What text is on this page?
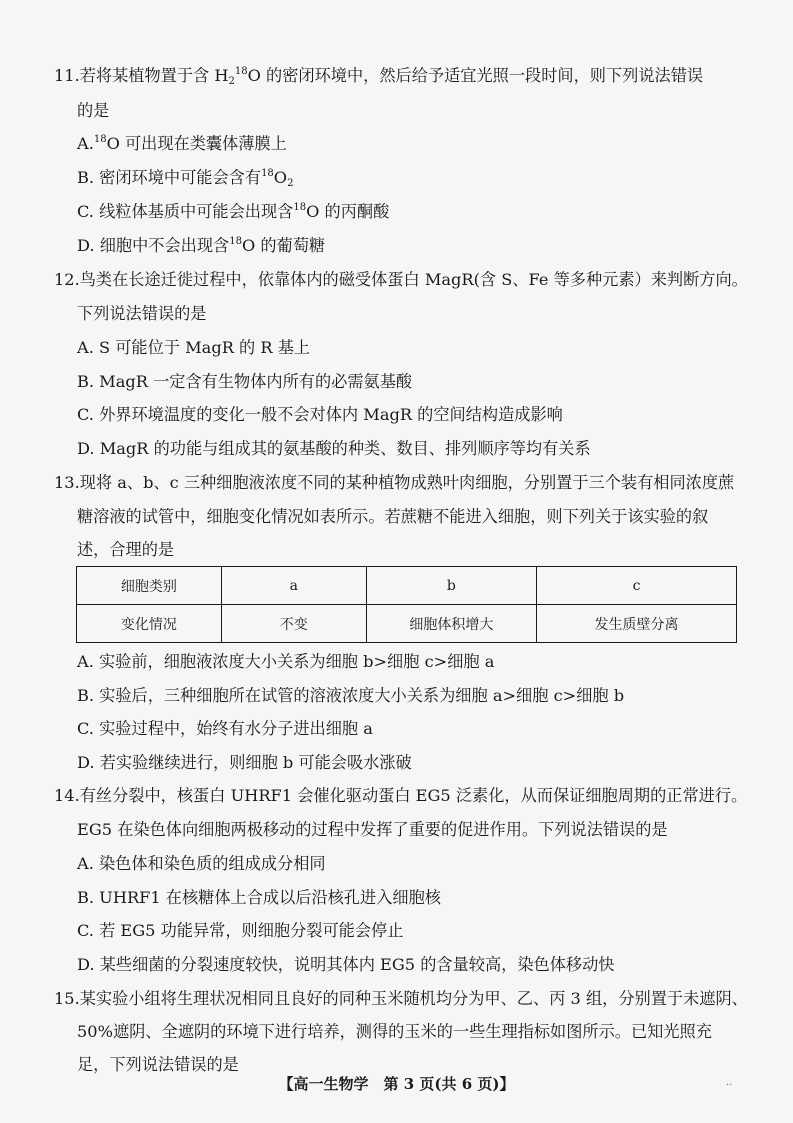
11.若将某植物置于含 $H_2^{18}O$ 的密闭环境中，然后给予适宜光照一段时间，则下列说法错误
的是
A.$^{18}$O 可出现在类囊体薄膜上
B. 密闭环境中可能会含有$^{18}O_2$
C. 线粒体基质中可能会出现含$^{18}$O 的丙酮酸
D. 细胞中不会出现含$^{18}$O 的葡萄糖
12.鸟类在长途迁徙过程中，依靠体内的磁受体蛋白 MagR(含 S、Fe 等多种元素）来判断方向。
下列说法错误的是
A. S 可能位于 MagR 的 R 基上
B. MagR 一定含有生物体内所有的必需氨基酸
C. 外界环境温度的变化一般不会对体内 MagR 的空间结构造成影响
D. MagR 的功能与组成其的氨基酸的种类、数目、排列顺序等均有关系
13.现将 a、b、c 三种细胞液浓度不同的某种植物成熟叶肉细胞，分别置于三个装有相同浓度蔗
糖溶液的试管中，细胞变化情况如表所示。若蔗糖不能进入细胞，则下列关于该实验的叙
述，合理的是
细胞类别	a	b	c
变化情况	不变	细胞体积增大	发生质壁分离
A. 实验前，细胞液浓度大小关系为细胞 b>细胞 c>细胞 a
B. 实验后，三种细胞所在试管的溶液浓度大小关系为细胞 a>细胞 c>细胞 b
C. 实验过程中，始终有水分子进出细胞 a
D. 若实验继续进行，则细胞 b 可能会吸水涨破
14.有丝分裂中，核蛋白 UHRF1 会催化驱动蛋白 EG5 泛素化，从而保证细胞周期的正常进行。
EG5 在染色体向细胞两极移动的过程中发挥了重要的促进作用。下列说法错误的是
A. 染色体和染色质的组成成分相同
B. UHRF1 在核糖体上合成以后沿核孔进入细胞核
C. 若 EG5 功能异常，则细胞分裂可能会停止
D. 某些细菌的分裂速度较快，说明其体内 EG5 的含量较高，染色体移动快
15.某实验小组将生理状况相同且良好的同种玉米随机均分为甲、乙、丙 3 组，分别置于未遮阴、
50%遮阴、全遮阴的环境下进行培养，测得的玉米的一些生理指标如图所示。已知光照充
足，下列说法错误的是
【高一生物学　第 3 页(共 6 页)】	··
